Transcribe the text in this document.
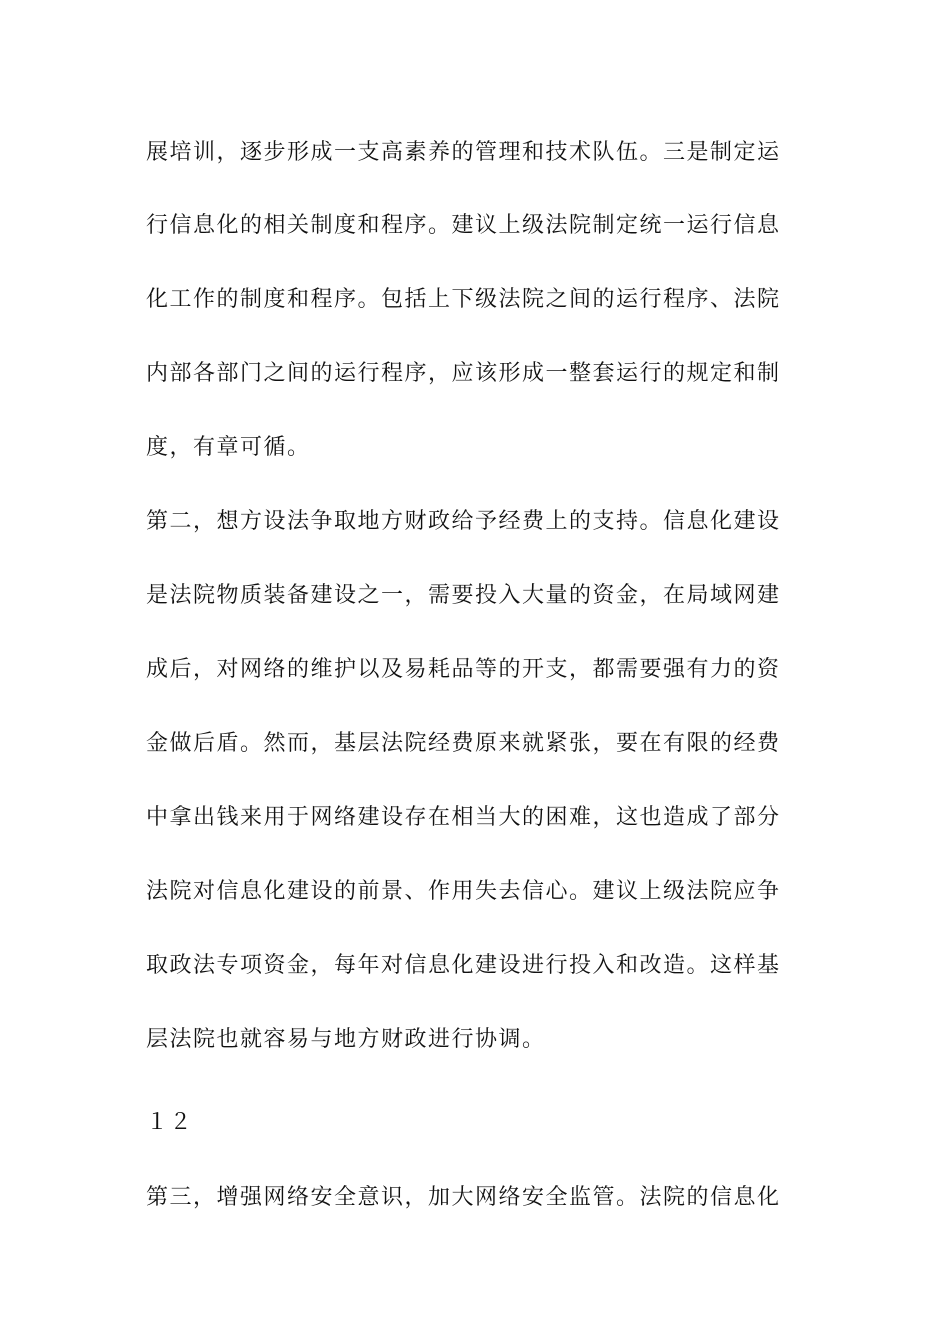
展培训，逐步形成一支高素养的管理和技术队伍。三是制定运
行信息化的相关制度和程序。建议上级法院制定统一运行信息
化工作的制度和程序。包括上下级法院之间的运行程序、法院
内部各部门之间的运行程序，应该形成一整套运行的规定和制
度，有章可循。
第二，想方设法争取地方财政给予经费上的支持。信息化建设
是法院物质装备建设之一，需要投入大量的资金，在局域网建
成后，对网络的维护以及易耗品等的开支，都需要强有力的资
金做后盾。然而，基层法院经费原来就紧张，要在有限的经费
中拿出钱来用于网络建设存在相当大的困难，这也造成了部分
法院对信息化建设的前景、作用失去信心。建议上级法院应争
取政法专项资金，每年对信息化建设进行投入和改造。这样基
层法院也就容易与地方财政进行协调。
１２
第三，增强网络安全意识，加大网络安全监管。法院的信息化
